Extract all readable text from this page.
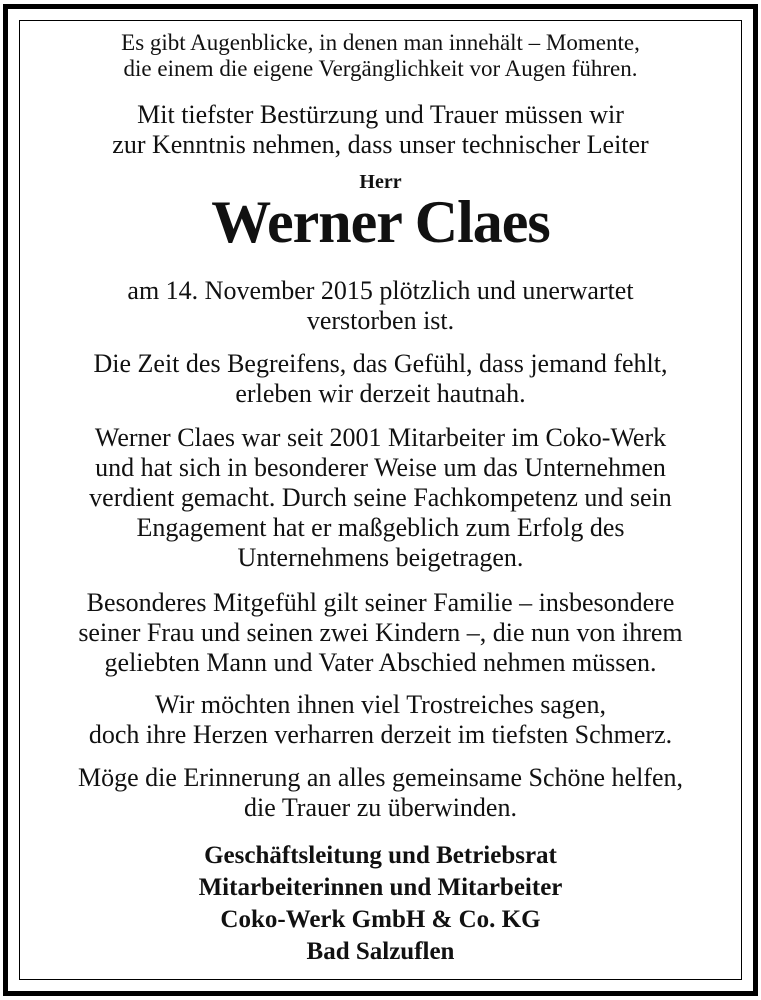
Es gibt Augenblicke, in denen man innehält – Momente,
die einem die eigene Vergänglichkeit vor Augen führen.
Mit tiefster Bestürzung und Trauer müssen wir
zur Kenntnis nehmen, dass unser technischer Leiter
Herr
Werner Claes
am 14. November 2015 plötzlich und unerwartet
verstorben ist.
Die Zeit des Begreifens, das Gefühl, dass jemand fehlt,
erleben wir derzeit hautnah.
Werner Claes war seit 2001 Mitarbeiter im Coko-Werk
und hat sich in besonderer Weise um das Unternehmen
verdient gemacht. Durch seine Fachkompetenz und sein
Engagement hat er maßgeblich zum Erfolg des
Unternehmens beigetragen.
Besonderes Mitgefühl gilt seiner Familie – insbesondere
seiner Frau und seinen zwei Kindern –, die nun von ihrem
geliebten Mann und Vater Abschied nehmen müssen.
Wir möchten ihnen viel Trostreiches sagen,
doch ihre Herzen verharren derzeit im tiefsten Schmerz.
Möge die Erinnerung an alles gemeinsame Schöne helfen,
die Trauer zu überwinden.
Geschäftsleitung und Betriebsrat
Mitarbeiterinnen und Mitarbeiter
Coko-Werk GmbH & Co. KG
Bad Salzuflen
